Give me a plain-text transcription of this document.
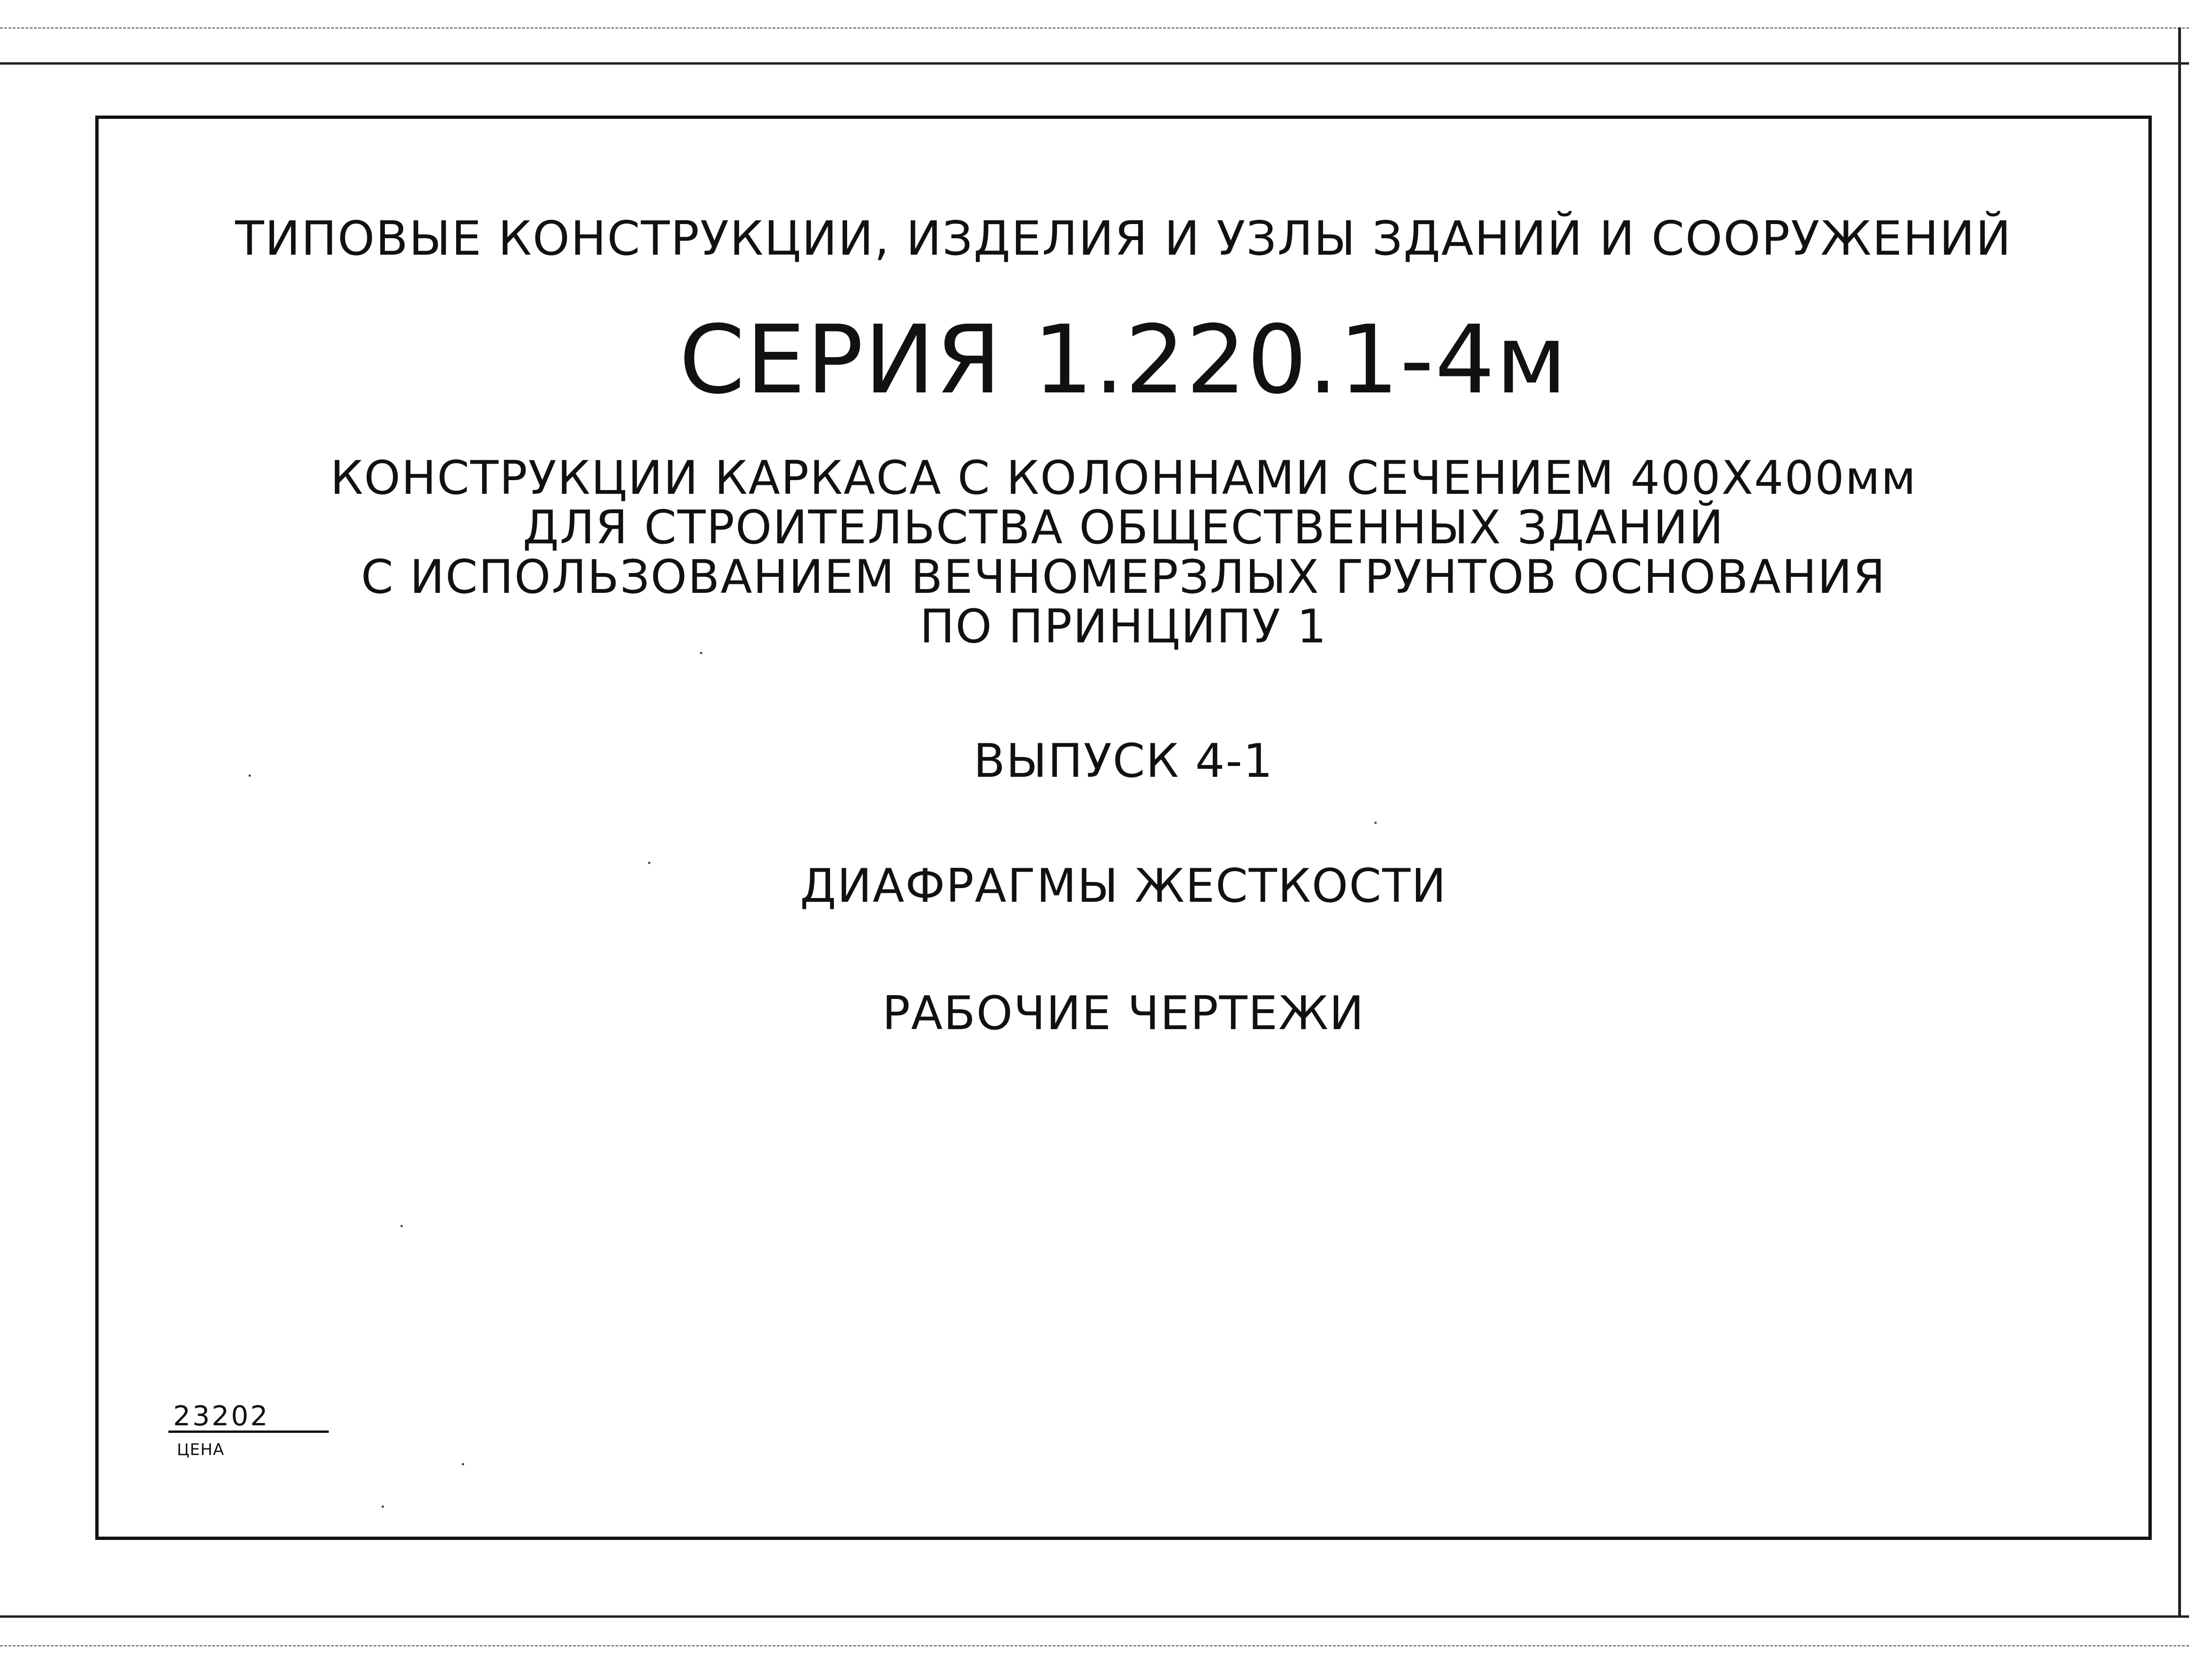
ТИПОВЫЕ КОНСТРУКЦИИ, ИЗДЕЛИЯ И УЗЛЫ ЗДАНИЙ И СООРУЖЕНИЙ
СЕРИЯ 1.220.1-4м
КОНСТРУКЦИИ КАРКАСА С КОЛОННАМИ СЕЧЕНИЕМ 400Х400мм
ДЛЯ СТРОИТЕЛЬСТВА ОБЩЕСТВЕННЫХ ЗДАНИЙ
С ИСПОЛЬЗОВАНИЕМ ВЕЧНОМЕРЗЛЫХ ГРУНТОВ ОСНОВАНИЯ
ПО ПРИНЦИПУ 1
ВЫПУСК 4-1
ДИАФРАГМЫ ЖЕСТКОСТИ
РАБОЧИЕ ЧЕРТЕЖИ
23202
ЦЕНА
